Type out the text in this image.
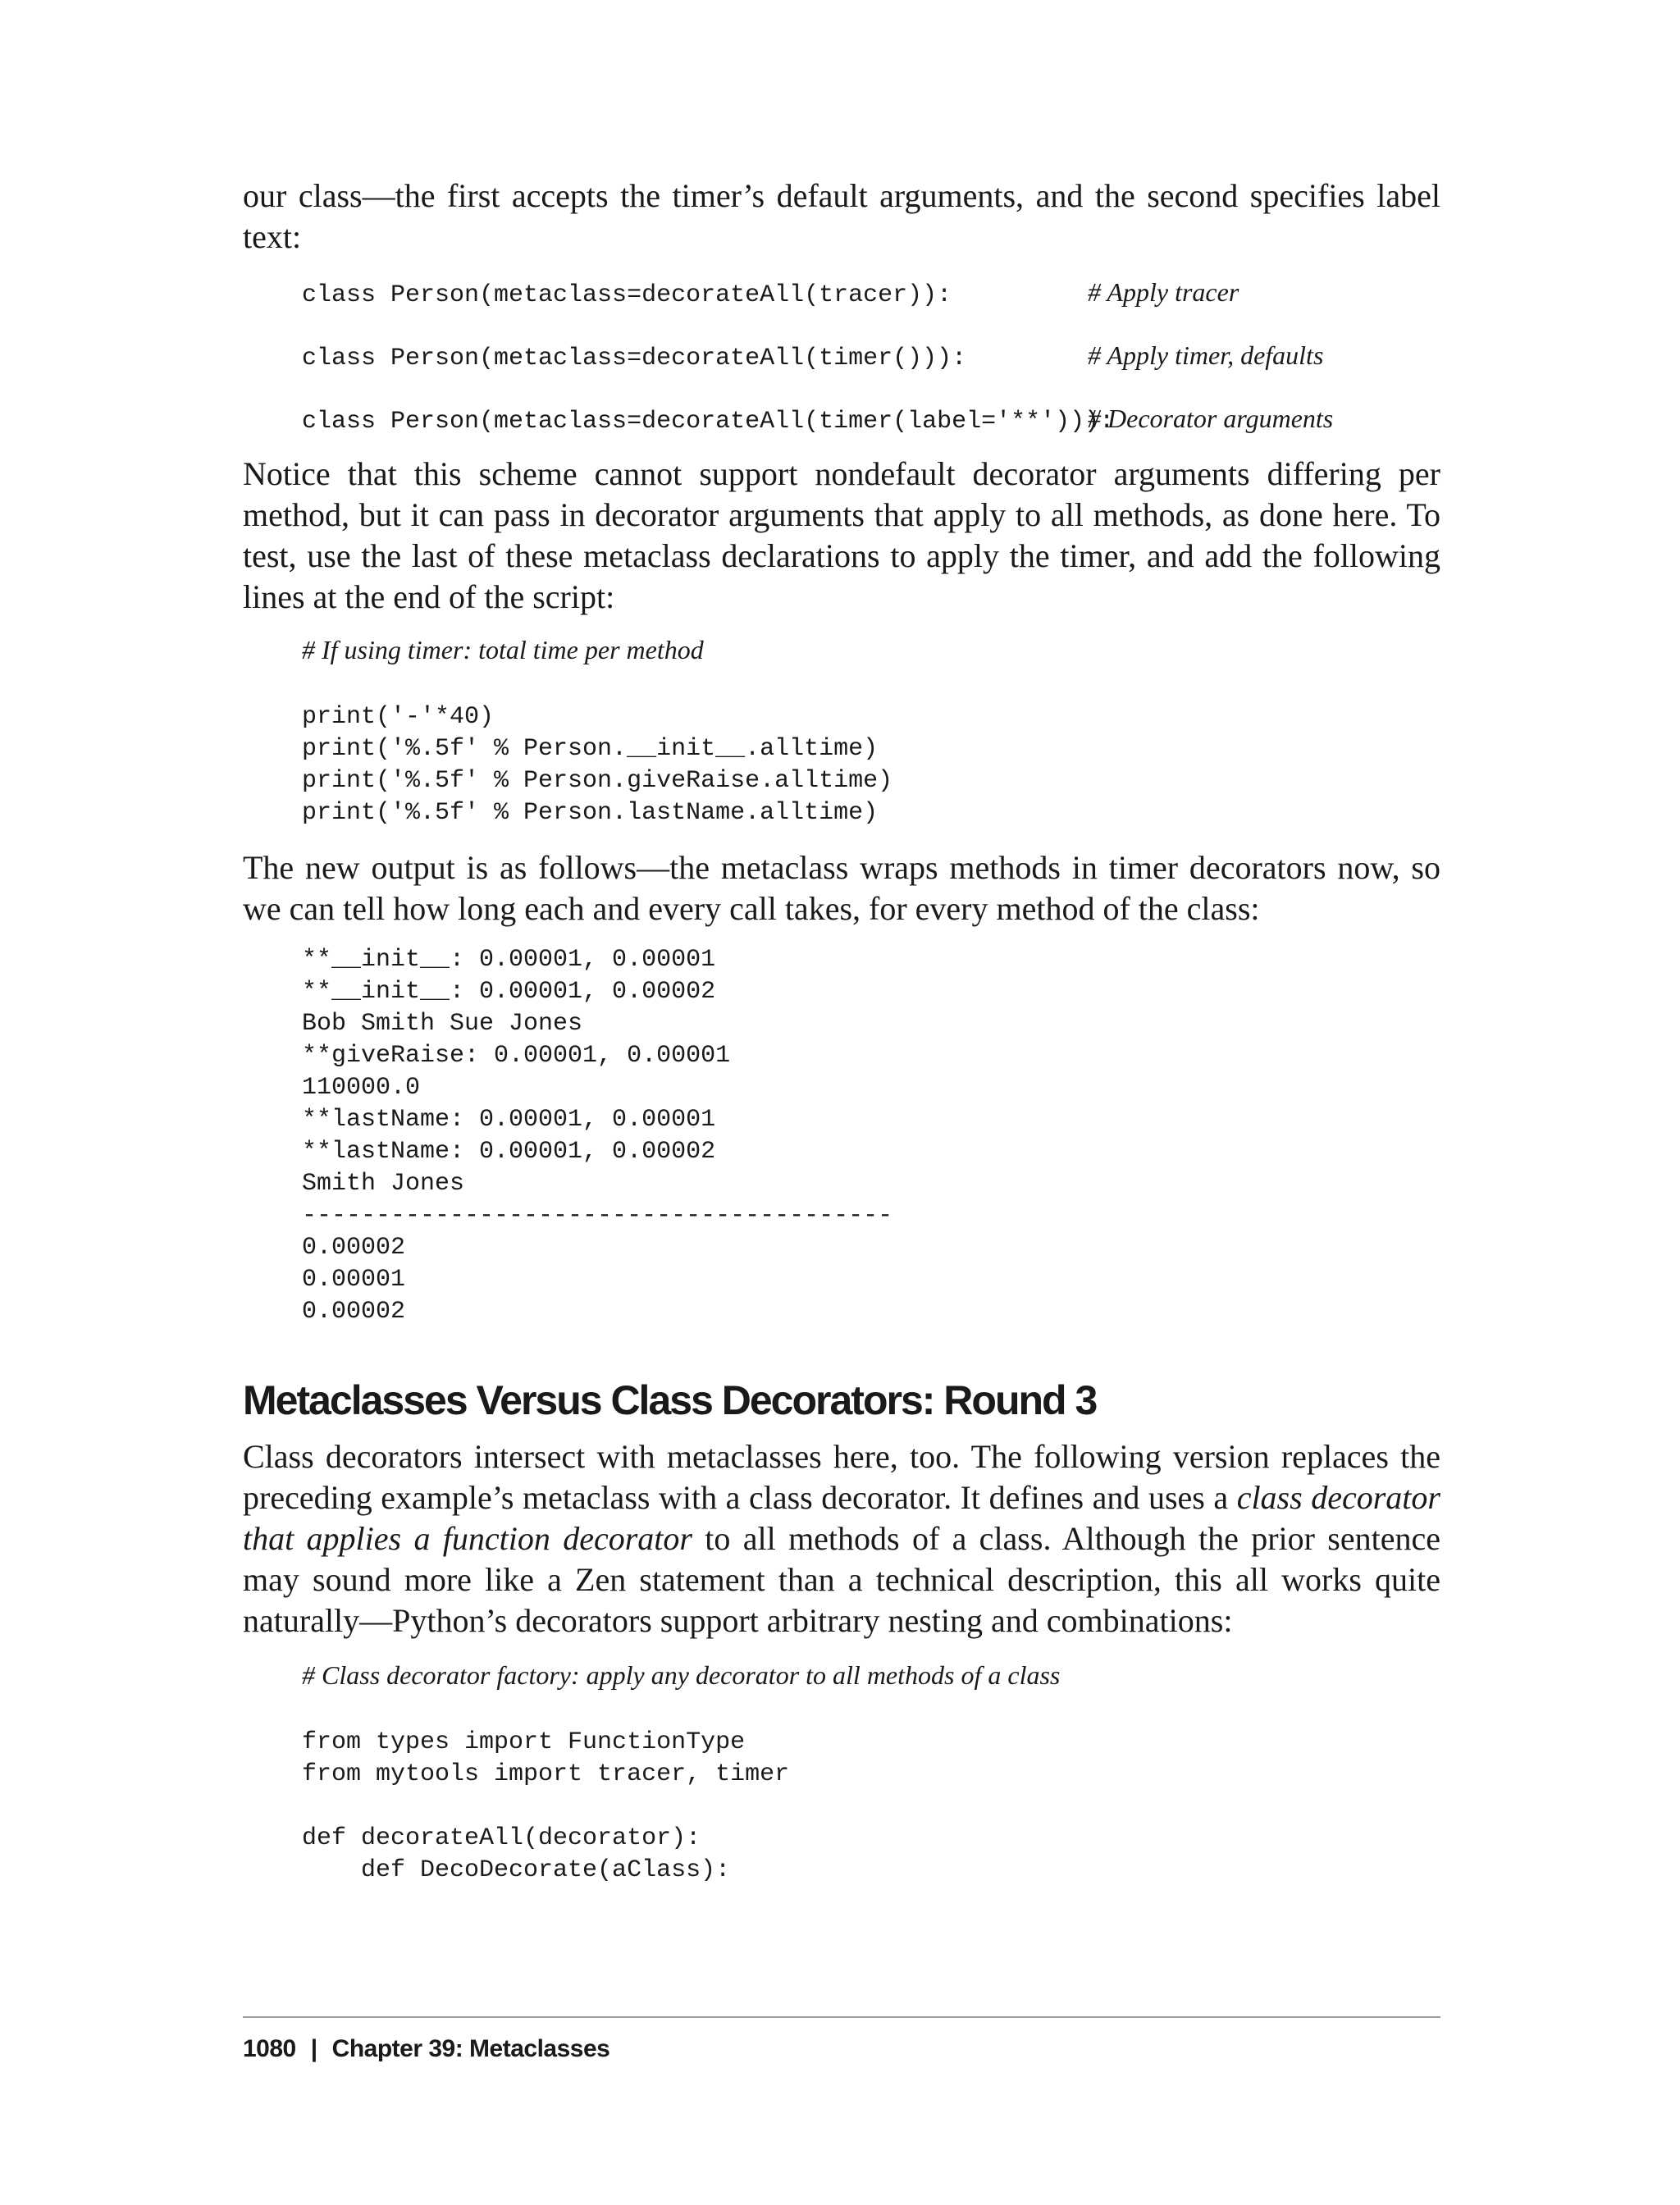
our class—the first accepts the timer’s default arguments, and the second specifies label text:

class Person(metaclass=decorateAll(tracer)):	# Apply tracer
class Person(metaclass=decorateAll(timer())):	# Apply timer, defaults
class Person(metaclass=decorateAll(timer(label='**'))):
# Decorator arguments

Notice that this scheme cannot support nondefault decorator arguments differing per method, but it can pass in decorator arguments that apply to all methods, as done here. To test, use the last of these metaclass declarations to apply the timer, and add the following lines at the end of the script:

# If using timer: total time per method
print('-'*40)
print('%.5f' % Person.__init__.alltime)
print('%.5f' % Person.giveRaise.alltime)
print('%.5f' % Person.lastName.alltime)

The new output is as follows—the metaclass wraps methods in timer decorators now, so we can tell how long each and every call takes, for every method of the class:

**__init__: 0.00001, 0.00001
**__init__: 0.00001, 0.00002
Bob Smith Sue Jones
**giveRaise: 0.00001, 0.00001
110000.0
**lastName: 0.00001, 0.00001
**lastName: 0.00001, 0.00002
Smith Jones
----------------------------------------
0.00002
0.00001
0.00002
Metaclasses Versus Class Decorators: Round 3

Class decorators intersect with metaclasses here, too. The following version replaces the preceding example’s metaclass with a class decorator. It defines and uses a class decorator that applies a function decorator to all methods of a class. Although the prior sentence may sound more like a Zen statement than a technical description, this all works quite naturally—Python’s decorators support arbitrary nesting and combinations:

# Class decorator factory: apply any decorator to all methods of a class
from types import FunctionType
from mytools import tracer, timer
def decorateAll(decorator):
def DecoDecorate(aClass):
1080 | Chapter 39: Metaclasses
